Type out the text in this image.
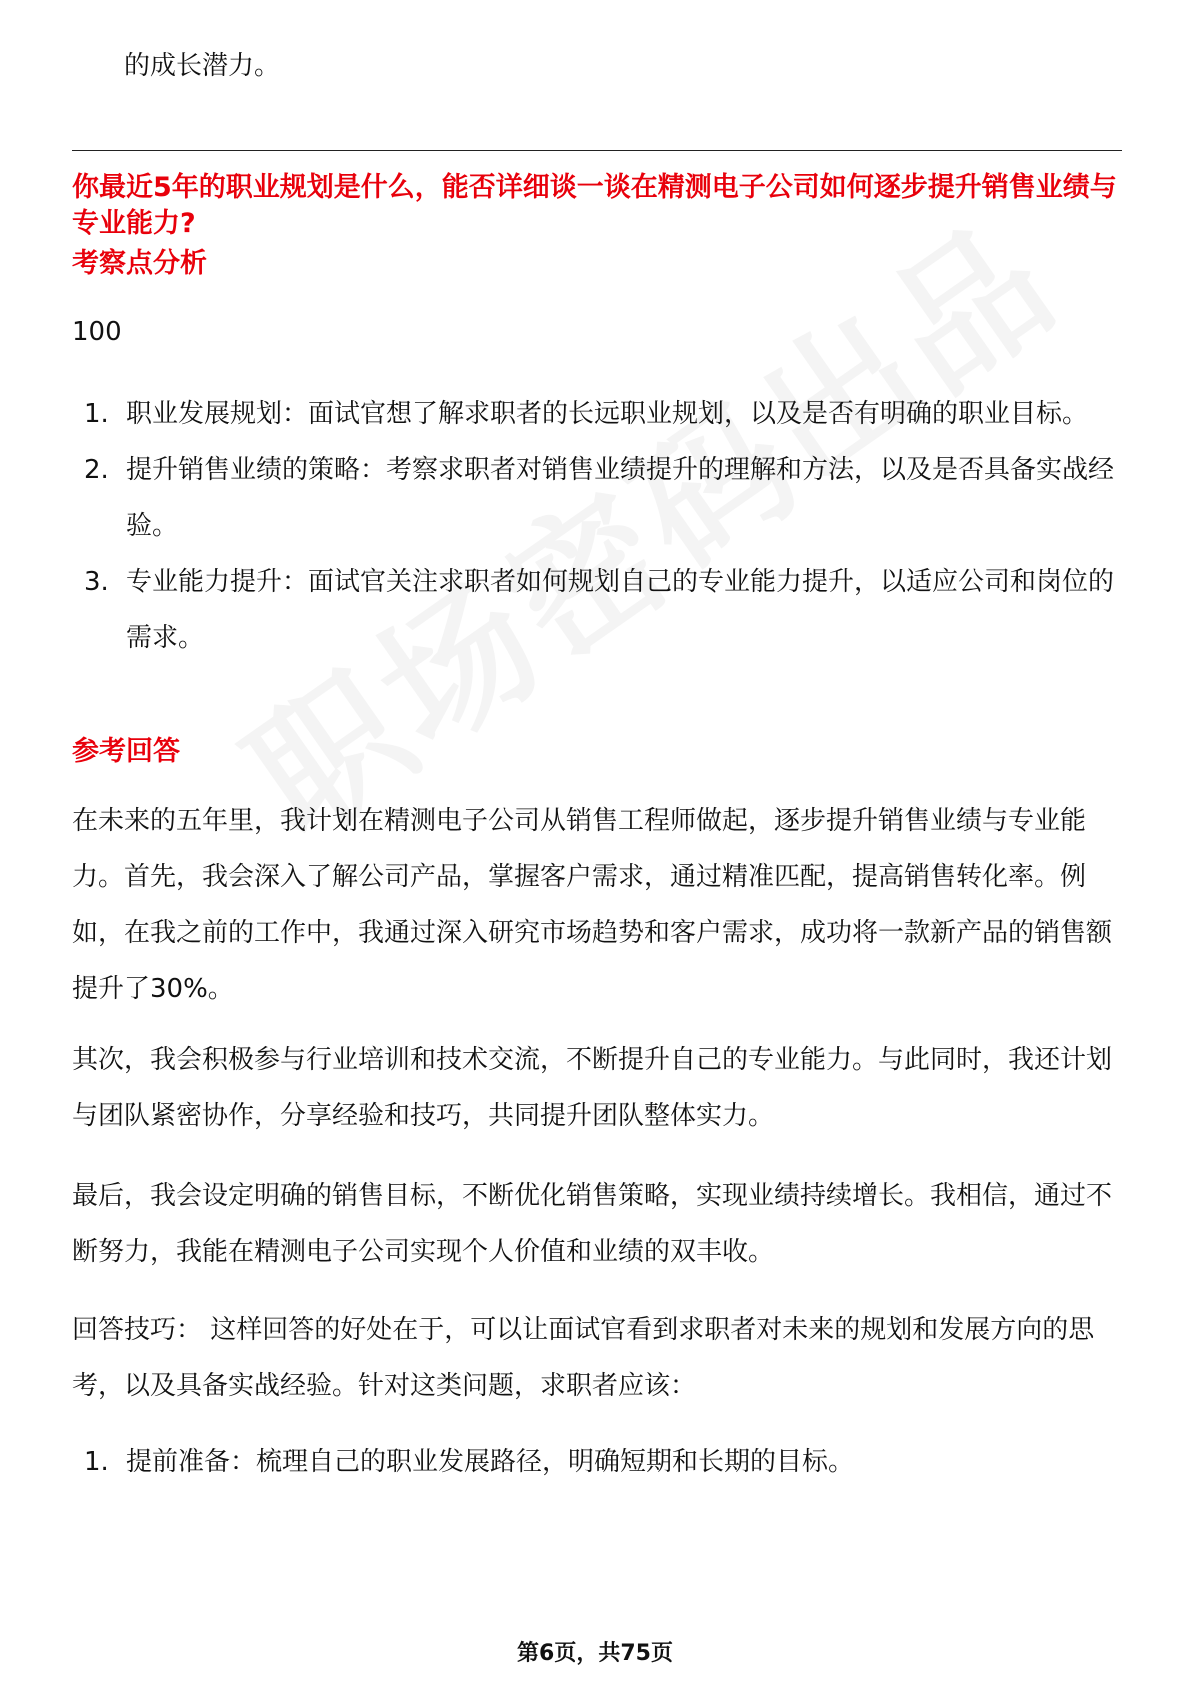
的成长潜力。

你最近5年的职业规划是什么，能否详细谈一谈在精测电子公司如何逐步提升销售业绩与专业能力?

考察点分析

100

1. 职业发展规划：面试官想了解求职者的长远职业规划，以及是否有明确的职业目标。
2. 提升销售业绩的策略：考察求职者对销售业绩提升的理解和方法，以及是否具备实战经验。
3. 专业能力提升：面试官关注求职者如何规划自己的专业能力提升，以适应公司和岗位的需求。

参考回答

在未来的五年里，我计划在精测电子公司从销售工程师做起，逐步提升销售业绩与专业能力。首先，我会深入了解公司产品，掌握客户需求，通过精准匹配，提高销售转化率。例如，在我之前的工作中，我通过深入研究市场趋势和客户需求，成功将一款新产品的销售额提升了30%。

其次，我会积极参与行业培训和技术交流，不断提升自己的专业能力。与此同时，我还计划与团队紧密协作，分享经验和技巧，共同提升团队整体实力。

最后，我会设定明确的销售目标，不断优化销售策略，实现业绩持续增长。我相信，通过不断努力，我能在精测电子公司实现个人价值和业绩的双丰收。

回答技巧： 这样回答的好处在于，可以让面试官看到求职者对未来的规划和发展方向的思考，以及具备实战经验。针对这类问题，求职者应该：

1. 提前准备：梳理自己的职业发展路径，明确短期和长期的目标。
第6页，共75页
